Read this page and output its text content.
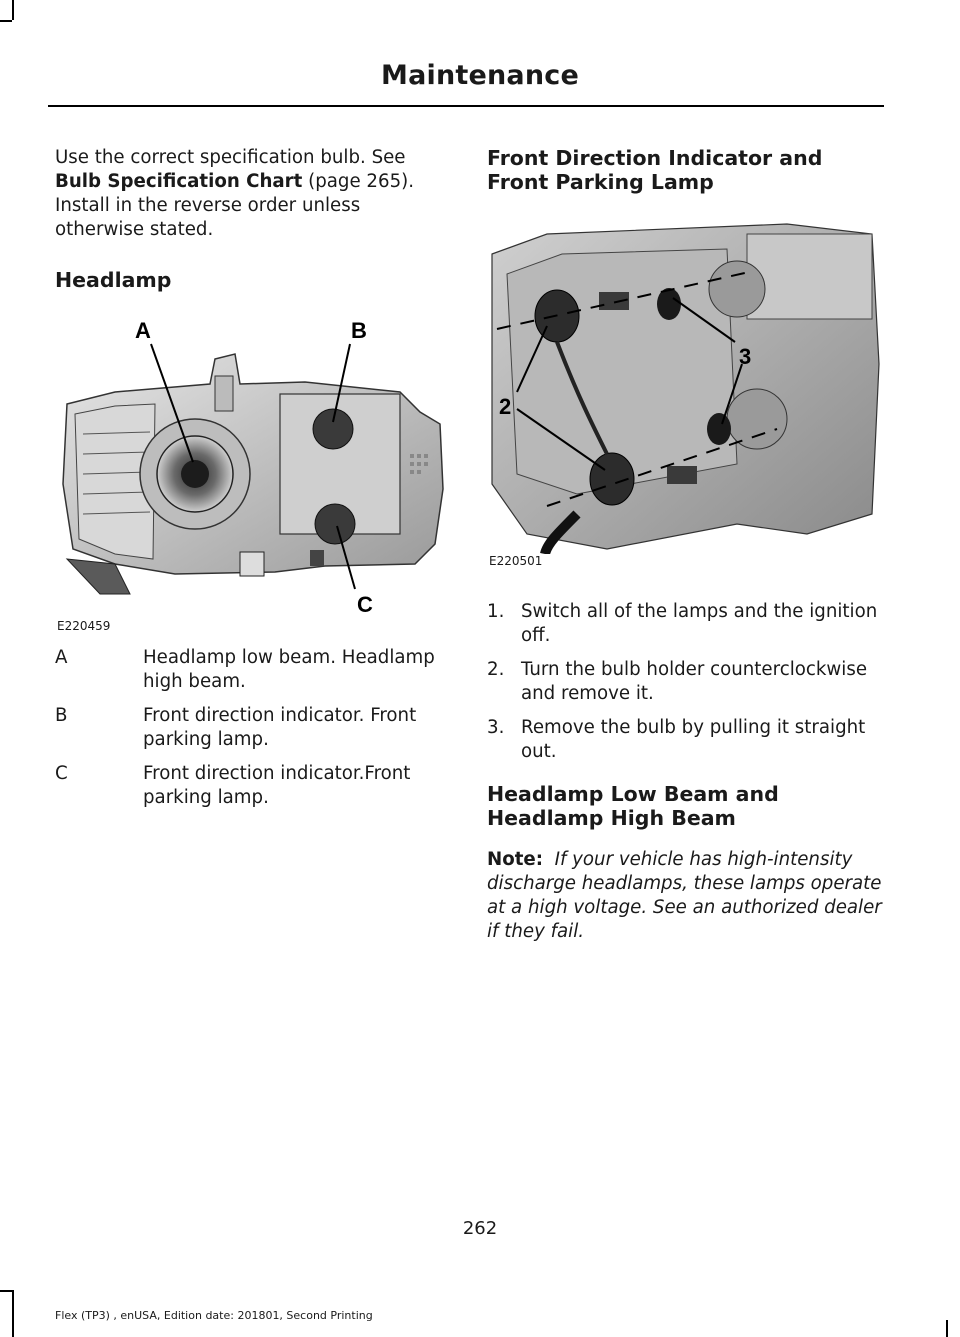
Maintenance

Use the correct specification bulb. See Bulb Specification Chart (page 265). Install in the reverse order unless otherwise stated.

Headlamp
A	B
C
E220459
A	Headlamp low beam. Headlamp high beam.
B	Front direction indicator. Front parking lamp.
C	Front direction indicator.Front parking lamp.
Front Direction Indicator and Front Parking Lamp
2
3
E220501
1. Switch all of the lamps and the ignition off.
2. Turn the bulb holder counterclockwise and remove it.
3. Remove the bulb by pulling it straight out.
Headlamp Low Beam and Headlamp High Beam

Note: If your vehicle has high-intensity discharge headlamps, these lamps operate at a high voltage. See an authorized dealer if they fail.

262
Flex (TP3) , enUSA, Edition date: 201801, Second Printing
